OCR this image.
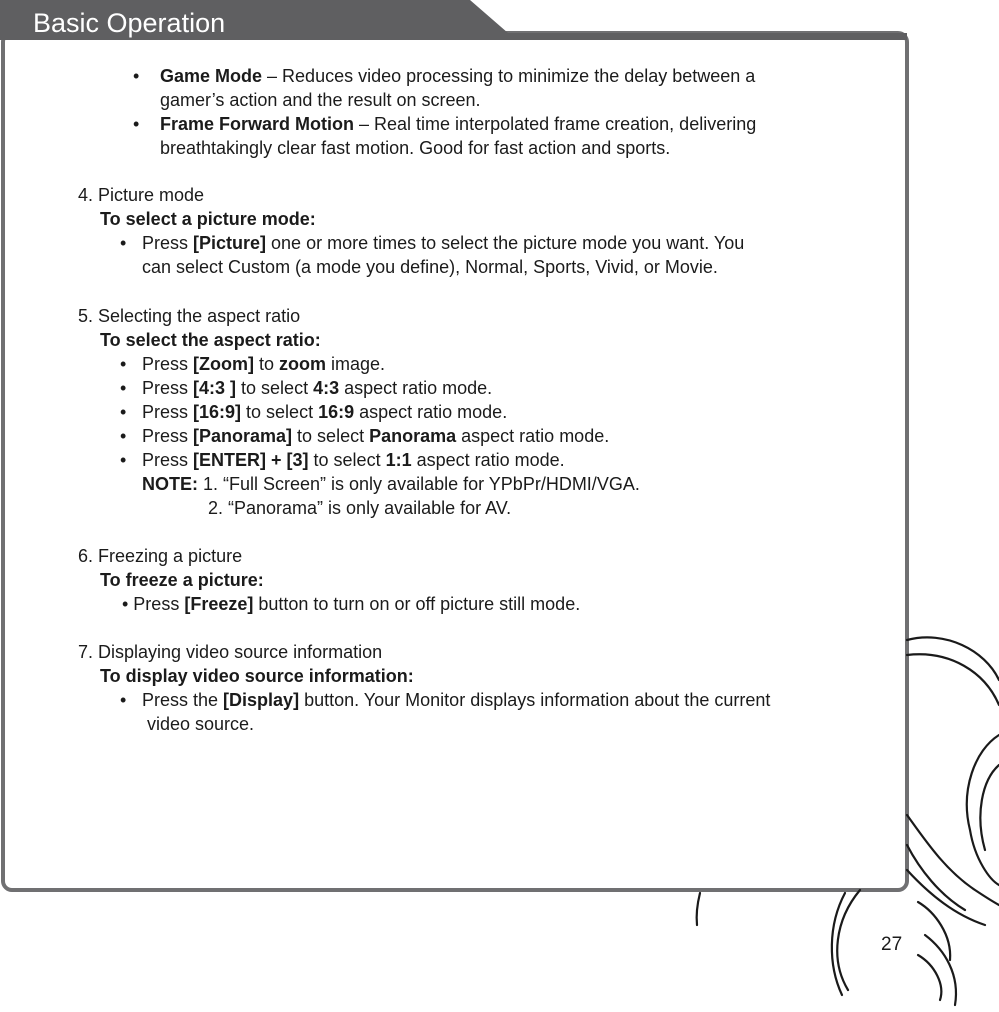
Basic Operation
• Game Mode – Reduces video processing to minimize the delay between a
gamer’s action and the result on screen.
• Frame Forward Motion – Real time interpolated frame creation, delivering
breathtakingly clear fast motion. Good for fast action and sports.
4. Picture mode
To select a picture mode:
• Press [Picture] one or more times to select the picture mode you want. You
can select Custom (a mode you define), Normal, Sports, Vivid, or Movie.
5. Selecting the aspect ratio
To select the aspect ratio:
• Press [Zoom] to zoom image.
• Press [4:3 ] to select 4:3 aspect ratio mode.
• Press [16:9] to select 16:9 aspect ratio mode.
• Press [Panorama] to select Panorama aspect ratio mode.
• Press [ENTER] + [3] to select 1:1 aspect ratio mode.
NOTE: 1. “Full Screen” is only available for YPbPr/HDMI/VGA.
2. “Panorama” is only available for AV.
6. Freezing a picture
To freeze a picture:
• Press [Freeze] button to turn on or off picture still mode.
7. Displaying video source information
To display video source information:
• Press the [Display] button. Your Monitor displays information about the current
video source.
27
